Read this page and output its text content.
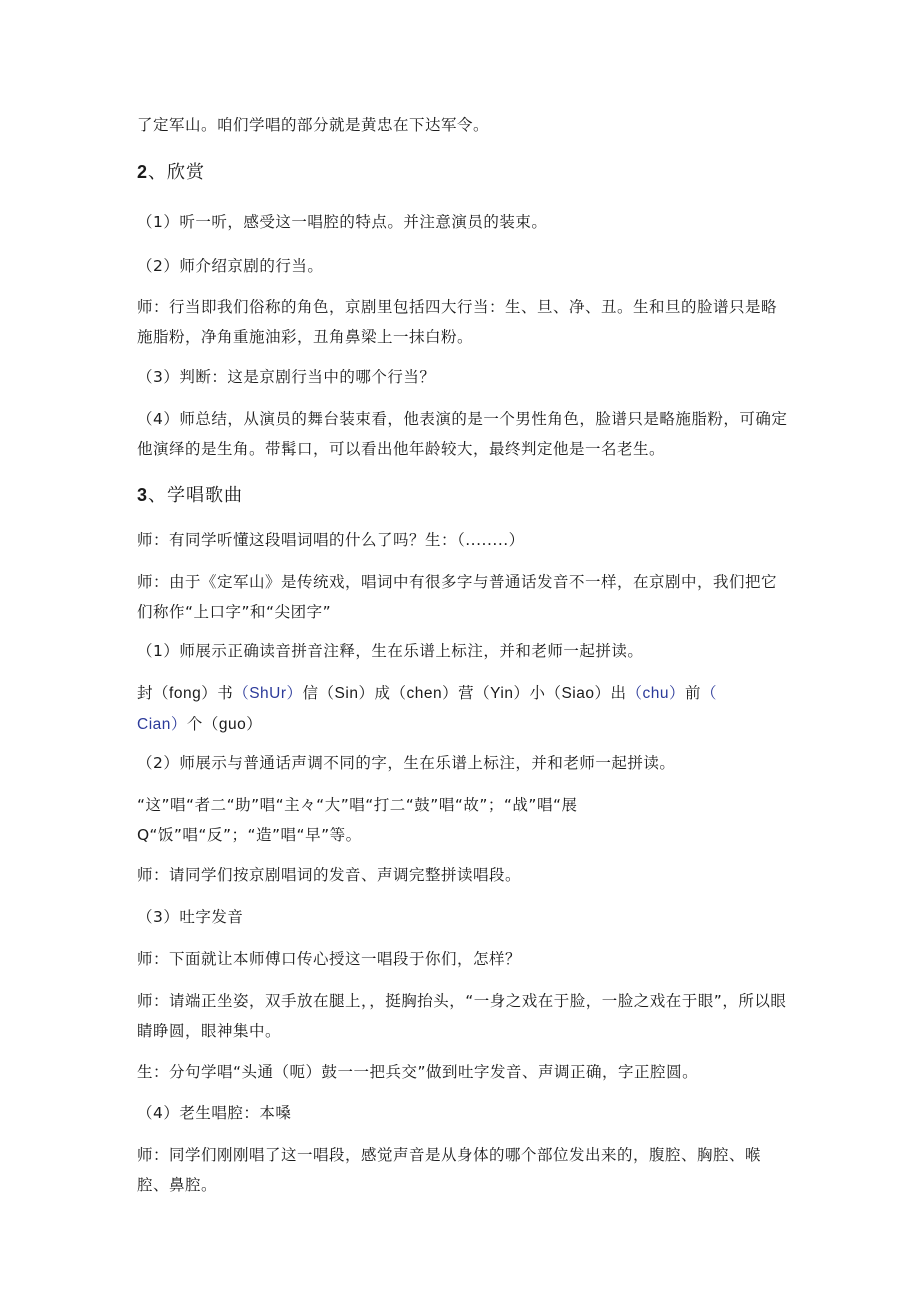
了定军山。咱们学唱的部分就是黄忠在下达军令。
2、欣赏
（1）听一听，感受这一唱腔的特点。并注意演员的装束。
（2）师介绍京剧的行当。
师：行当即我们俗称的角色，京剧里包括四大行当：生、旦、净、丑。生和旦的脸谱只是略施脂粉，净角重施油彩，丑角鼻梁上一抹白粉。
（3）判断：这是京剧行当中的哪个行当？
（4）师总结，从演员的舞台装束看，他表演的是一个男性角色，脸谱只是略施脂粉，可确定他演绎的是生角。带髯口，可以看出他年龄较大，最终判定他是一名老生。
3、学唱歌曲
师：有同学听懂这段唱词唱的什么了吗？生：（........）
师：由于《定军山》是传统戏，唱词中有很多字与普通话发音不一样，在京剧中，我们把它们称作“上口字”和“尖团字”
（1）师展示正确读音拼音注释，生在乐谱上标注，并和老师一起拼读。
封（fong）书（ShUr）信（Sin）成（chen）营（Yin）小（Siao）出（chu）前（
Cian）个（guo）
（2）师展示与普通话声调不同的字，生在乐谱上标注，并和老师一起拼读。
“这”唱“者二“助”唱“主々“大”唱“打二“鼓”唱“故”；“战”唱“展Q“饭”唱“反”；“造”唱“早”等。
师：请同学们按京剧唱词的发音、声调完整拼读唱段。
（3）吐字发音
师：下面就让本师傅口传心授这一唱段于你们，怎样？
师：请端正坐姿，双手放在腿上，，挺胸抬头，“一身之戏在于脸，一脸之戏在于眼”，所以眼睛睁圆，眼神集中。
生：分句学唱“头通（呃）鼓一一把兵交”做到吐字发音、声调正确，字正腔圆。
（4）老生唱腔：本嗓
师：同学们刚刚唱了这一唱段，感觉声音是从身体的哪个部位发出来的，腹腔、胸腔、喉腔、鼻腔。
